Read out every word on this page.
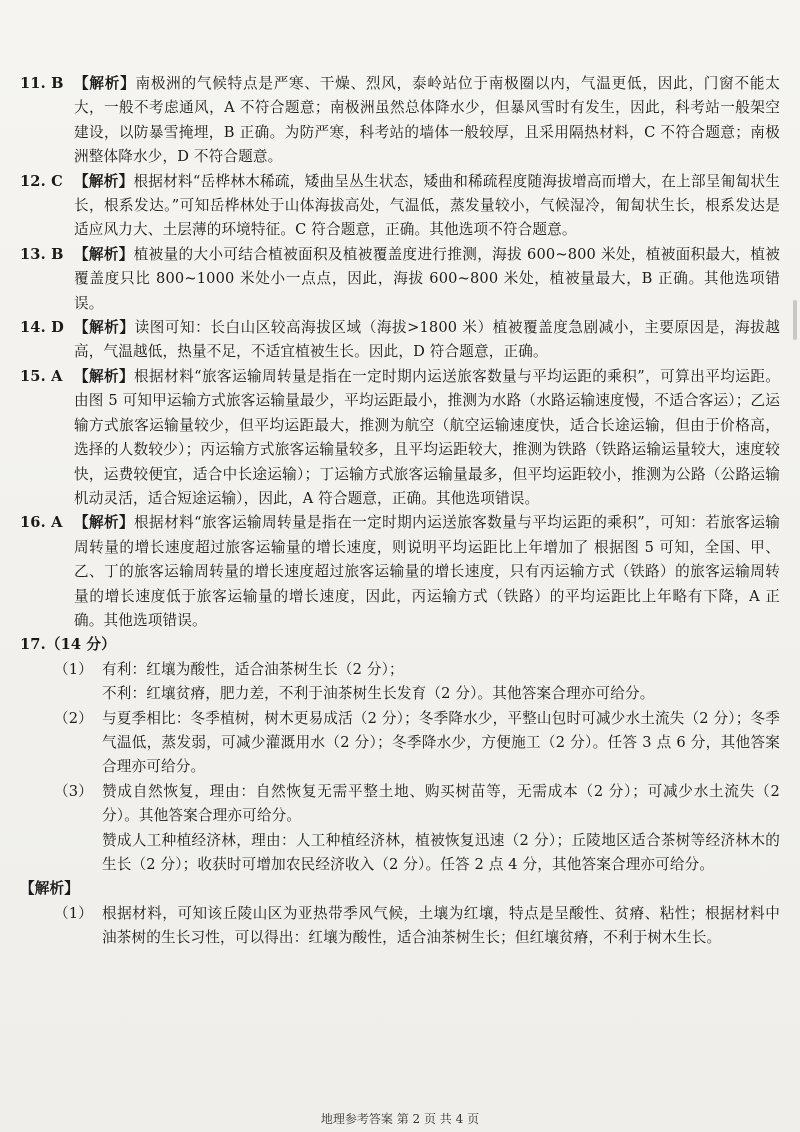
11. B 【解析】南极洲的气候特点是严寒、干燥、烈风，泰岭站位于南极圈以内，气温更低，因此，门窗不能太大，一般不考虑通风，A 不符合题意；南极洲虽然总体降水少，但暴风雪时有发生，因此，科考站一般架空建设，以防暴雪掩埋，B 正确。为防严寒，科考站的墙体一般较厚，且采用隔热材料，C 不符合题意；南极洲整体降水少，D 不符合题意。
12. C 【解析】根据材料“岳桦林木稀疏，矮曲呈丛生状态，矮曲和稀疏程度随海拔增高而增大，在上部呈匍匐状生长，根系发达。”可知岳桦林处于山体海拔高处，气温低，蒸发量较小，气候湿冷，匍匐状生长，根系发达是适应风力大、土层薄的环境特征。C 符合题意，正确。其他选项不符合题意。
13. B 【解析】植被量的大小可结合植被面积及植被覆盖度进行推测，海拔 600~800 米处，植被面积最大，植被覆盖度只比 800~1000 米处小一点点，因此，海拔 600~800 米处，植被量最大，B 正确。其他选项错误。
14. D 【解析】读图可知：长白山区较高海拔区域（海拔>1800 米）植被覆盖度急剧减小，主要原因是，海拔越高，气温越低，热量不足，不适宜植被生长。因此，D 符合题意，正确。
15. A 【解析】根据材料“旅客运输周转量是指在一定时期内运送旅客数量与平均运距的乘积”，可算出平均运距。由图 5 可知甲运输方式旅客运输量最少，平均运距最小，推测为水路（水路运输速度慢，不适合客运）；乙运输方式旅客运输量较少，但平均运距最大，推测为航空（航空运输速度快，适合长途运输，但由于价格高，选择的人数较少）；丙运输方式旅客运输量较多，且平均运距较大，推测为铁路（铁路运输运量较大，速度较快，运费较便宜，适合中长途运输）；丁运输方式旅客运输量最多，但平均运距较小，推测为公路（公路运输机动灵活，适合短途运输），因此，A 符合题意，正确。其他选项错误。
16. A 【解析】根据材料“旅客运输周转量是指在一定时期内运送旅客数量与平均运距的乘积”，可知：若旅客运输周转量的增长速度超过旅客运输量的增长速度，则说明平均运距比上年增加了 根据图 5 可知，全国、甲、乙、丁的旅客运输周转量的增长速度超过旅客运输量的增长速度，只有丙运输方式（铁路）的旅客运输周转量的增长速度低于旅客运输量的增长速度，因此，丙运输方式（铁路）的平均运距比上年略有下降，A 正确。其他选项错误。
17.（14 分）
（1） 有利：红壤为酸性，适合油茶树生长（2 分）；
不利：红壤贫瘠，肥力差，不利于油茶树生长发育（2 分）。其他答案合理亦可给分。
（2） 与夏季相比：冬季植树，树木更易成活（2 分）；冬季降水少，平整山包时可减少水土流失（2 分）；冬季气温低，蒸发弱，可减少灌溉用水（2 分）；冬季降水少，方便施工（2 分）。任答 3 点 6 分，其他答案合理亦可给分。
（3） 赞成自然恢复，理由：自然恢复无需平整土地、购买树苗等，无需成本（2 分）；可减少水土流失（2 分）。其他答案合理亦可给分。
赞成人工种植经济林，理由：人工种植经济林，植被恢复迅速（2 分）；丘陵地区适合茶树等经济林木的生长（2 分）；收获时可增加农民经济收入（2 分）。任答 2 点 4 分，其他答案合理亦可给分。
【解析】
（1） 根据材料，可知该丘陵山区为亚热带季风气候，土壤为红壤，特点是呈酸性、贫瘠、粘性；根据材料中油茶树的生长习性，可以得出：红壤为酸性，适合油茶树生长；但红壤贫瘠，不利于树木生长。
地理参考答案 第 2 页 共 4 页
